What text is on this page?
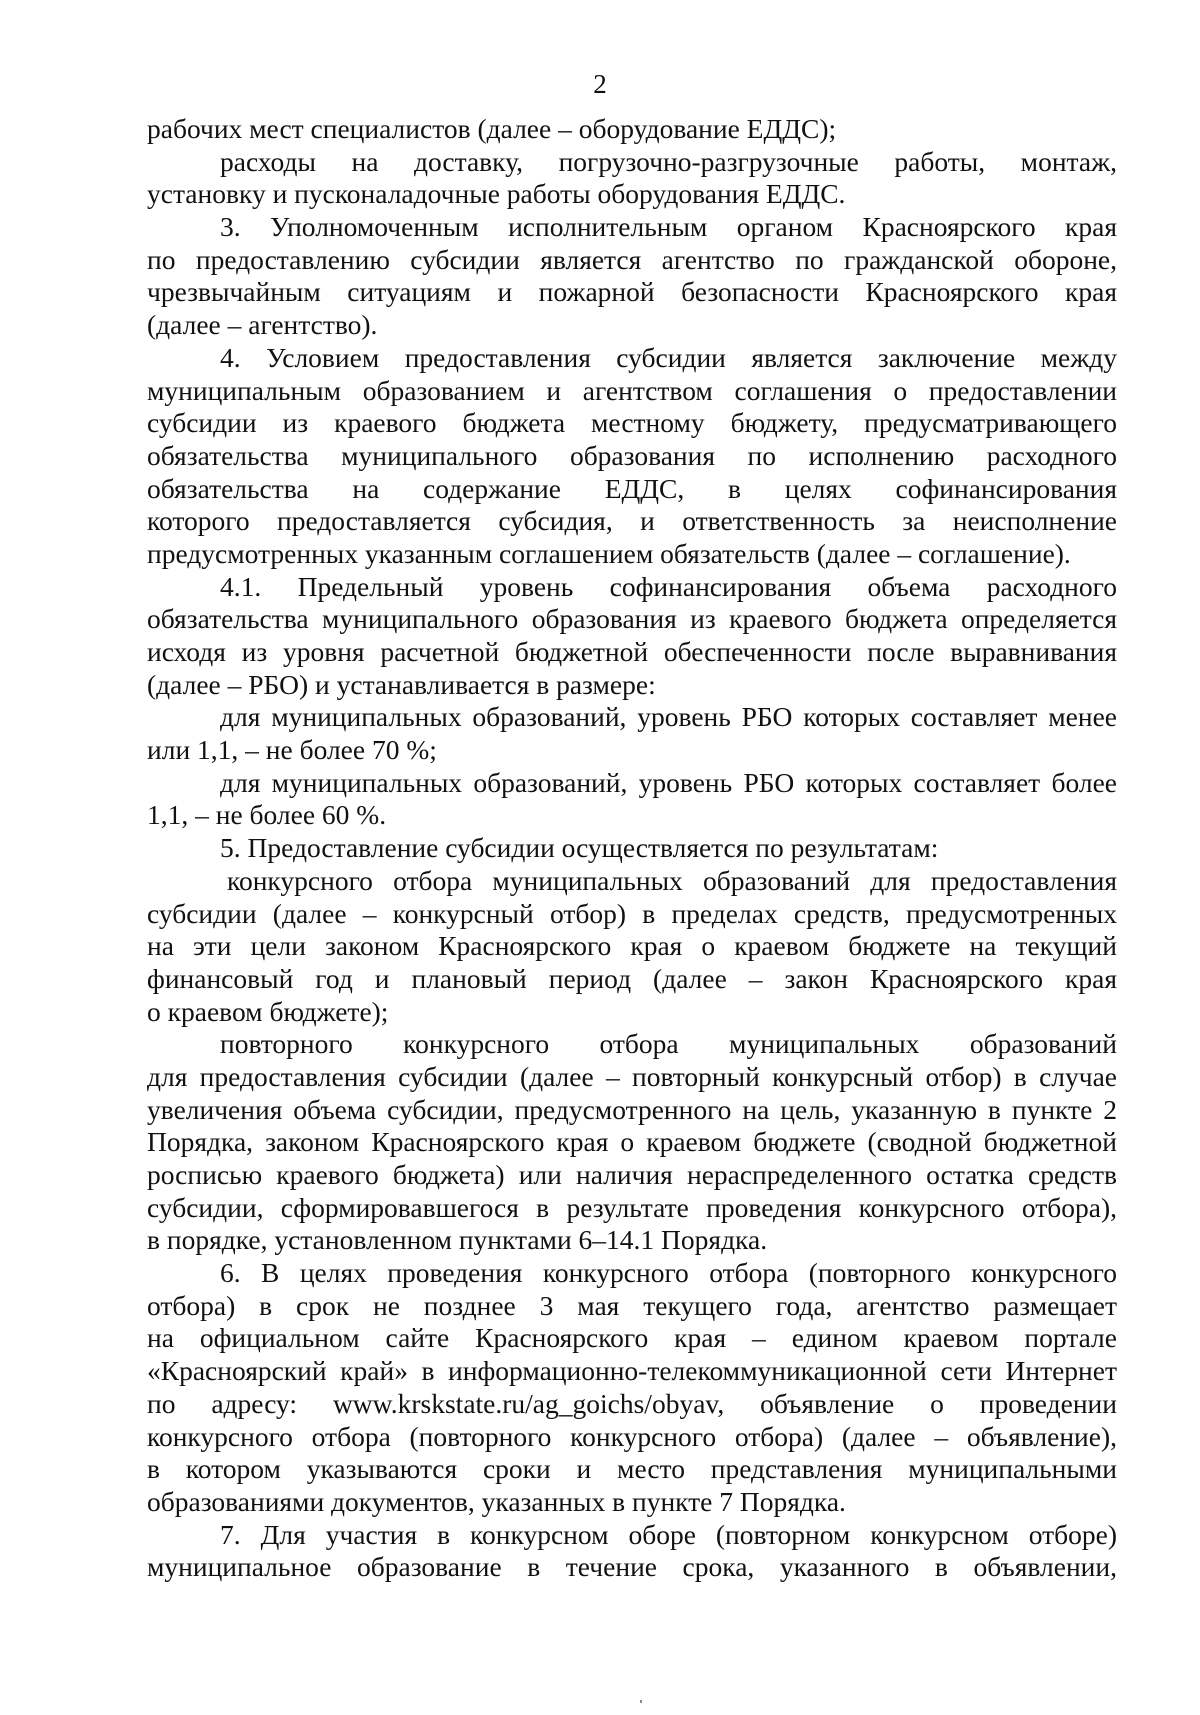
2
рабочих мест специалистов (далее – оборудование ЕДДС);
расходы на доставку, погрузочно-разгрузочные работы, монтаж,
установку и пусконаладочные работы оборудования ЕДДС.
3. Уполномоченным исполнительным органом Красноярского края
по предоставлению субсидии является агентство по гражданской обороне,
чрезвычайным ситуациям и пожарной безопасности Красноярского края
(далее – агентство).
4. Условием предоставления субсидии является заключение между
муниципальным образованием и агентством соглашения о предоставлении
субсидии из краевого бюджета местному бюджету, предусматривающего
обязательства муниципального образования по исполнению расходного
обязательства на содержание ЕДДС, в целях софинансирования
которого предоставляется субсидия, и ответственность за неисполнение
предусмотренных указанным соглашением обязательств (далее – соглашение).
4.1. Предельный уровень софинансирования объема расходного
обязательства муниципального образования из краевого бюджета определяется
исходя из уровня расчетной бюджетной обеспеченности после выравнивания
(далее – РБО) и устанавливается в размере:
для муниципальных образований, уровень РБО которых составляет менее
или 1,1, – не более 70 %;
для муниципальных образований, уровень РБО которых составляет более
1,1, – не более 60 %.
5. Предоставление субсидии осуществляется по результатам:
конкурсного отбора муниципальных образований для предоставления
субсидии (далее – конкурсный отбор) в пределах средств, предусмотренных
на эти цели законом Красноярского края о краевом бюджете на текущий
финансовый год и плановый период (далее – закон Красноярского края
о краевом бюджете);
повторного конкурсного отбора муниципальных образований
для предоставления субсидии (далее – повторный конкурсный отбор) в случае
увеличения объема субсидии, предусмотренного на цель, указанную в пункте 2
Порядка, законом Красноярского края о краевом бюджете (сводной бюджетной
росписью краевого бюджета) или наличия нераспределенного остатка средств
субсидии, сформировавшегося в результате проведения конкурсного отбора),
в порядке, установленном пунктами 6–14.1 Порядка.
6. В целях проведения конкурсного отбора (повторного конкурсного
отбора) в срок не позднее 3 мая текущего года, агентство размещает
на официальном сайте Красноярского края – едином краевом портале
«Красноярский край» в информационно-телекоммуникационной сети Интернет
по адресу: www.krskstate.ru/ag_goichs/obyav, объявление о проведении
конкурсного отбора (повторного конкурсного отбора) (далее – объявление),
в котором указываются сроки и место представления муниципальными
образованиями документов, указанных в пункте 7 Порядка.
7. Для участия в конкурсном оборе (повторном конкурсном отборе)
муниципальное образование в течение срока, указанного в объявлении,
